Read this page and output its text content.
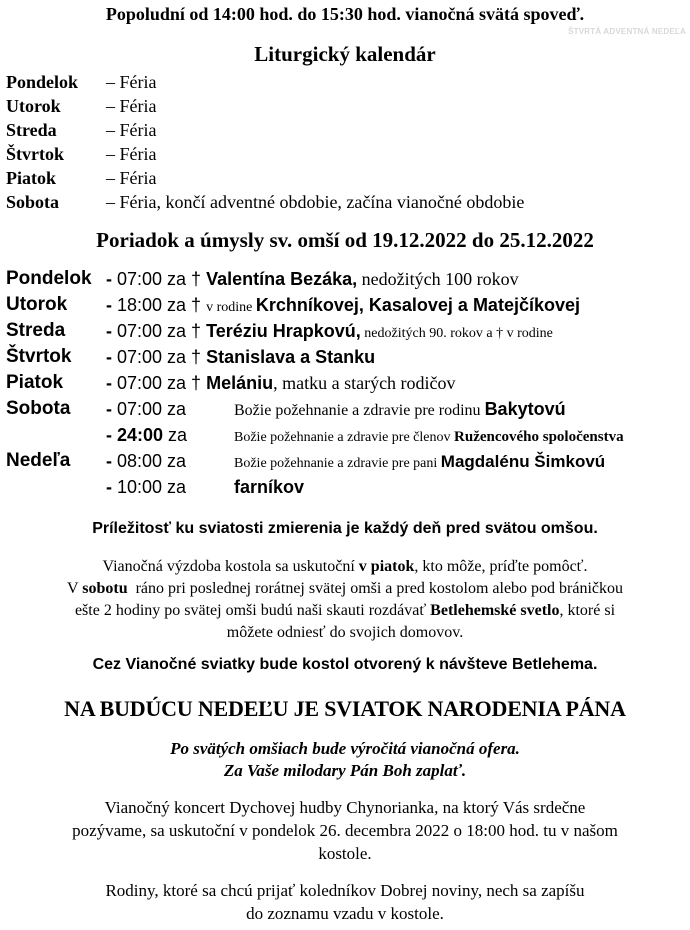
ŠTVRTÁ ADVENTNÁ NEDEĽA
Popoludní od 14:00 hod. do 15:30 hod. vianočná svätá spoveď.
Liturgický kalendár
Pondelok – Féria
Utorok	– Féria
Streda	– Féria
Štvrtok – Féria
Piatok	– Féria
Sobota	– Féria, končí adventné obdobie, začína vianočné obdobie
Poriadok a úmysly sv. omší od 19.12.2022 do 25.12.2022
Pondelok - 07:00 za † Valentína Bezáka, nedožitých 100 rokov
Utorok - 18:00 za † v rodine Krchníkovej, Kasalovej a Matejčíkovej
Streda - 07:00 za † Teréziu Hrapkovú, nedožitých 90. rokov a † v rodine
Štvrtok - 07:00 za † Stanislava a Stanku
Piatok - 07:00 za † Melániu, matku a starých rodičov
Sobota - 07:00 za	Božie požehnanie a zdravie pre rodinu Bakytovú
- 24:00 za	Božie požehnanie a zdravie pre členov Ružencového spoločenstva
Nedeľa - 08:00 za	Božie požehnanie a zdravie pre pani Magdalénu Šimkovú
- 10:00 za	farníkov
Príležitosť ku sviatosti zmierenia je každý deň pred svätou omšou.
Vianočná výzdoba kostola sa uskutoční v piatok, kto môže, príďte pomôcť.
V sobotu  ráno pri poslednej rorátnej svätej omši a pred kostolom alebo pod bráničkou
ešte 2 hodiny po svätej omši budú naši skauti rozdávať Betlehemské svetlo, ktoré si
môžete odniesť do svojich domovov.
Cez Vianočné sviatky bude kostol otvorený k návšteve Betlehema.
NA BUDÚCU NEDEĽU JE SVIATOK NARODENIA PÁNA
Po svätých omšiach bude výročitá vianočná ofera.
Za Vaše milodary Pán Boh zaplať.
Vianočný koncert Dychovej hudby Chynorianka, na ktorý Vás srdečne
pozývame, sa uskutoční v pondelok 26. decembra 2022 o 18:00 hod. tu v našom
kostole.
Rodiny, ktoré sa chcú prijať koledníkov Dobrej noviny, nech sa zapíšu
do zoznamu vzadu v kostole.
